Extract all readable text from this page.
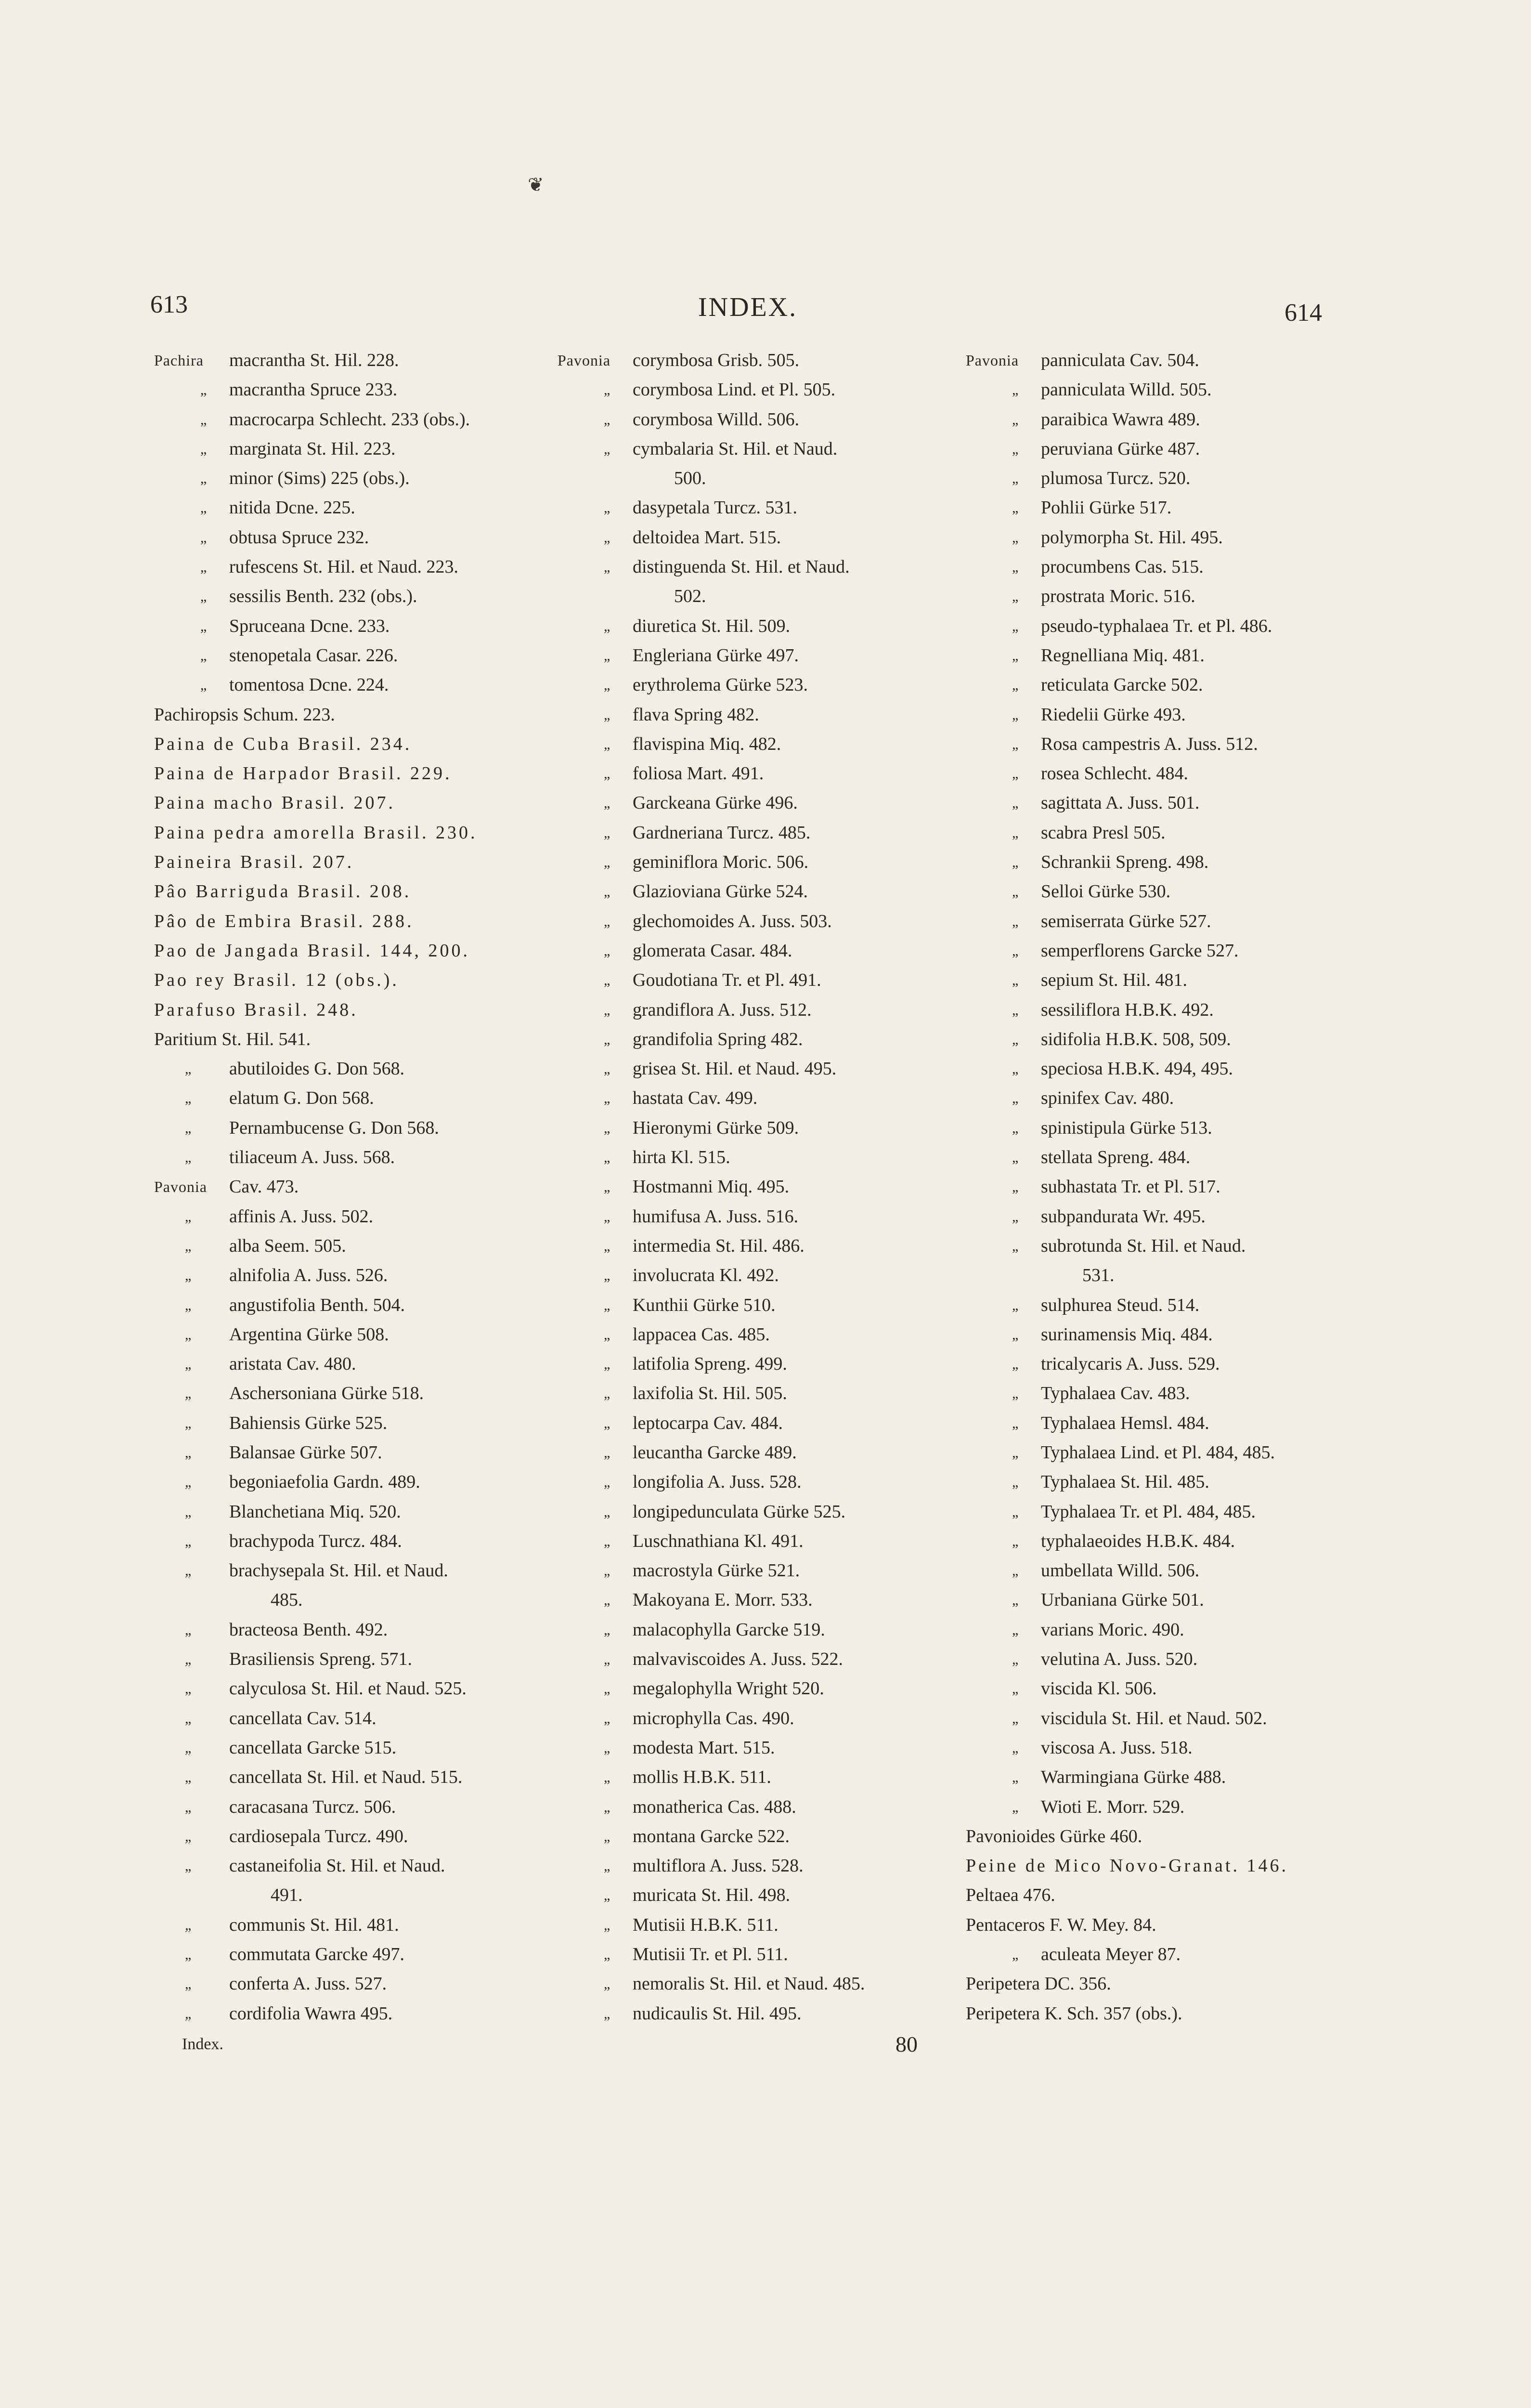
❦
613	INDEX.	614
Pachira macrantha St. Hil. 228.
„ macrantha Spruce 233.
„ macrocarpa Schlecht. 233 (obs.).
„ marginata St. Hil. 223.
„ minor (Sims) 225 (obs.).
„ nitida Dcne. 225.
„ obtusa Spruce 232.
„ rufescens St. Hil. et Naud. 223.
„ sessilis Benth. 232 (obs.).
„ Spruceana Dcne. 233.
„ stenopetala Casar. 226.
„ tomentosa Dcne. 224.
Pachiropsis Schum. 223.
Paina de Cuba Brasil. 234.
Paina de Harpador Brasil. 229.
Paina macho Brasil. 207.
Paina pedra amorella Brasil. 230.
Paineira Brasil. 207.
Pâo Barriguda Brasil. 208.
Pâo de Embira Brasil. 288.
Pao de Jangada Brasil. 144, 200.
Pao rey Brasil. 12 (obs.).
Parafuso Brasil. 248.
Paritium St. Hil. 541.
„ abutiloides G. Don 568.
„ elatum G. Don 568.
„ Pernambucense G. Don 568.
„ tiliaceum A. Juss. 568.
Pavonia Cav. 473.
„ affinis A. Juss. 502.
„ alba Seem. 505.
„ alnifolia A. Juss. 526.
„ angustifolia Benth. 504.
„ Argentina Gürke 508.
„ aristata Cav. 480.
„ Aschersoniana Gürke 518.
„ Bahiensis Gürke 525.
„ Balansae Gürke 507.
„ begoniaefolia Gardn. 489.
„ Blanchetiana Miq. 520.
„ brachypoda Turcz. 484.
„ brachysepala St. Hil. et Naud.
485.
„ bracteosa Benth. 492.
„ Brasiliensis Spreng. 571.
„ calyculosa St. Hil. et Naud. 525.
„ cancellata Cav. 514.
„ cancellata Garcke 515.
„ cancellata St. Hil. et Naud. 515.
„ caracasana Turcz. 506.
„ cardiosepala Turcz. 490.
„ castaneifolia St. Hil. et Naud.
491.
„ communis St. Hil. 481.
„ commutata Garcke 497.
„ conferta A. Juss. 527.
„ cordifolia Wawra 495.
Pavonia corymbosa Grisb. 505.
„ corymbosa Lind. et Pl. 505.
„ corymbosa Willd. 506.
„ cymbalaria St. Hil. et Naud.
500.
„ dasypetala Turcz. 531.
„ deltoidea Mart. 515.
„ distinguenda St. Hil. et Naud.
502.
„ diuretica St. Hil. 509.
„ Engleriana Gürke 497.
„ erythrolema Gürke 523.
„ flava Spring 482.
„ flavispina Miq. 482.
„ foliosa Mart. 491.
„ Garckeana Gürke 496.
„ Gardneriana Turcz. 485.
„ geminiflora Moric. 506.
„ Glazioviana Gürke 524.
„ glechomoides A. Juss. 503.
„ glomerata Casar. 484.
„ Goudotiana Tr. et Pl. 491.
„ grandiflora A. Juss. 512.
„ grandifolia Spring 482.
„ grisea St. Hil. et Naud. 495.
„ hastata Cav. 499.
„ Hieronymi Gürke 509.
„ hirta Kl. 515.
„ Hostmanni Miq. 495.
„ humifusa A. Juss. 516.
„ intermedia St. Hil. 486.
„ involucrata Kl. 492.
„ Kunthii Gürke 510.
„ lappacea Cas. 485.
„ latifolia Spreng. 499.
„ laxifolia St. Hil. 505.
„ leptocarpa Cav. 484.
„ leucantha Garcke 489.
„ longifolia A. Juss. 528.
„ longipedunculata Gürke 525.
„ Luschnathiana Kl. 491.
„ macrostyla Gürke 521.
„ Makoyana E. Morr. 533.
„ malacophylla Garcke 519.
„ malvaviscoides A. Juss. 522.
„ megalophylla Wright 520.
„ microphylla Cas. 490.
„ modesta Mart. 515.
„ mollis H.B.K. 511.
„ monatherica Cas. 488.
„ montana Garcke 522.
„ multiflora A. Juss. 528.
„ muricata St. Hil. 498.
„ Mutisii H.B.K. 511.
„ Mutisii Tr. et Pl. 511.
„ nemoralis St. Hil. et Naud. 485.
„ nudicaulis St. Hil. 495.
Pavonia panniculata Cav. 504.
„ panniculata Willd. 505.
„ paraibica Wawra 489.
„ peruviana Gürke 487.
„ plumosa Turcz. 520.
„ Pohlii Gürke 517.
„ polymorpha St. Hil. 495.
„ procumbens Cas. 515.
„ prostrata Moric. 516.
„ pseudo-typhalaea Tr. et Pl. 486.
„ Regnelliana Miq. 481.
„ reticulata Garcke 502.
„ Riedelii Gürke 493.
„ Rosa campestris A. Juss. 512.
„ rosea Schlecht. 484.
„ sagittata A. Juss. 501.
„ scabra Presl 505.
„ Schrankii Spreng. 498.
„ Selloi Gürke 530.
„ semiserrata Gürke 527.
„ semperflorens Garcke 527.
„ sepium St. Hil. 481.
„ sessiliflora H.B.K. 492.
„ sidifolia H.B.K. 508, 509.
„ speciosa H.B.K. 494, 495.
„ spinifex Cav. 480.
„ spinistipula Gürke 513.
„ stellata Spreng. 484.
„ subhastata Tr. et Pl. 517.
„ subpandurata Wr. 495.
„ subrotunda St. Hil. et Naud.
531.
„ sulphurea Steud. 514.
„ surinamensis Miq. 484.
„ tricalycaris A. Juss. 529.
„ Typhalaea Cav. 483.
„ Typhalaea Hemsl. 484.
„ Typhalaea Lind. et Pl. 484, 485.
„ Typhalaea St. Hil. 485.
„ Typhalaea Tr. et Pl. 484, 485.
„ typhalaeoides H.B.K. 484.
„ umbellata Willd. 506.
„ Urbaniana Gürke 501.
„ varians Moric. 490.
„ velutina A. Juss. 520.
„ viscida Kl. 506.
„ viscidula St. Hil. et Naud. 502.
„ viscosa A. Juss. 518.
„ Warmingiana Gürke 488.
„ Wioti E. Morr. 529.
Pavonioides Gürke 460.
Peine de Mico Novo-Granat. 146.
Peltaea 476.
Pentaceros F. W. Mey. 84.
„ aculeata Meyer 87.
Peripetera DC. 356.
Peripetera K. Sch. 357 (obs.).
Index.	80
